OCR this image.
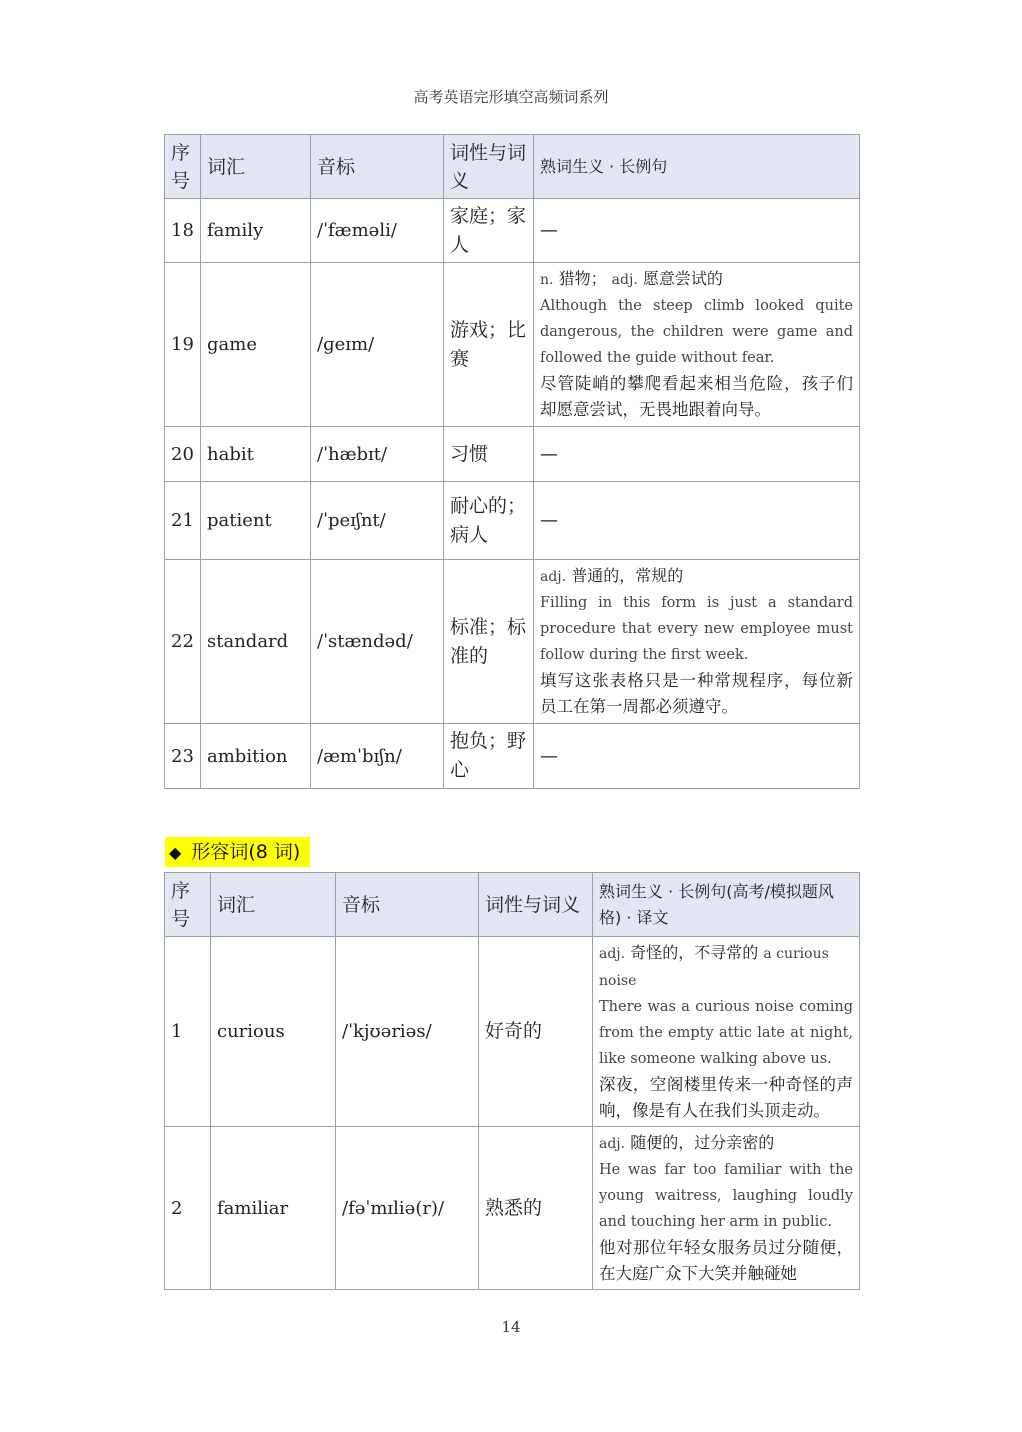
高考英语完形填空高频词系列
序号	词汇	音标	词性与词义	熟词生义 · 长例句
18	family	/ˈfæməli/	家庭；家人	—
19	game	/ɡeɪm/	游戏；比赛	n. 猎物； adj. 愿意尝试的
Although the steep climb looked quite dangerous, the children were game and followed the guide without fear.
尽管陡峭的攀爬看起来相当危险，孩子们却愿意尝试，无畏地跟着向导。

20	habit	/ˈhæbɪt/	习惯	—
21	patient	/ˈpeɪʃnt/	耐心的；病人	—
22	standard	/ˈstændəd/	标准；标准的	adj. 普通的，常规的
Filling in this form is just a standard procedure that every new employee must follow during the first week.
填写这张表格只是一种常规程序，每位新员工在第一周都必须遵守。

23	ambition	/æmˈbɪʃn/	抱负；野心	—
◆ 形容词(8 词)
序号	词汇	音标	词性与词义	熟词生义 · 长例句(高考/模拟题风格) · 译文
1	curious	/ˈkjʊəriəs/	好奇的	adj. 奇怪的，不寻常的 a curious noise
There was a curious noise coming from the empty attic late at night, like someone walking above us.
深夜，空阁楼里传来一种奇怪的声响，像是有人在我们头顶走动。

2	familiar	/fəˈmɪliə(r)/	熟悉的	adj. 随便的，过分亲密的
He was far too familiar with the young waitress, laughing loudly and touching her arm in public.
他对那位年轻女服务员过分随便，在大庭广众下大笑并触碰她
14
